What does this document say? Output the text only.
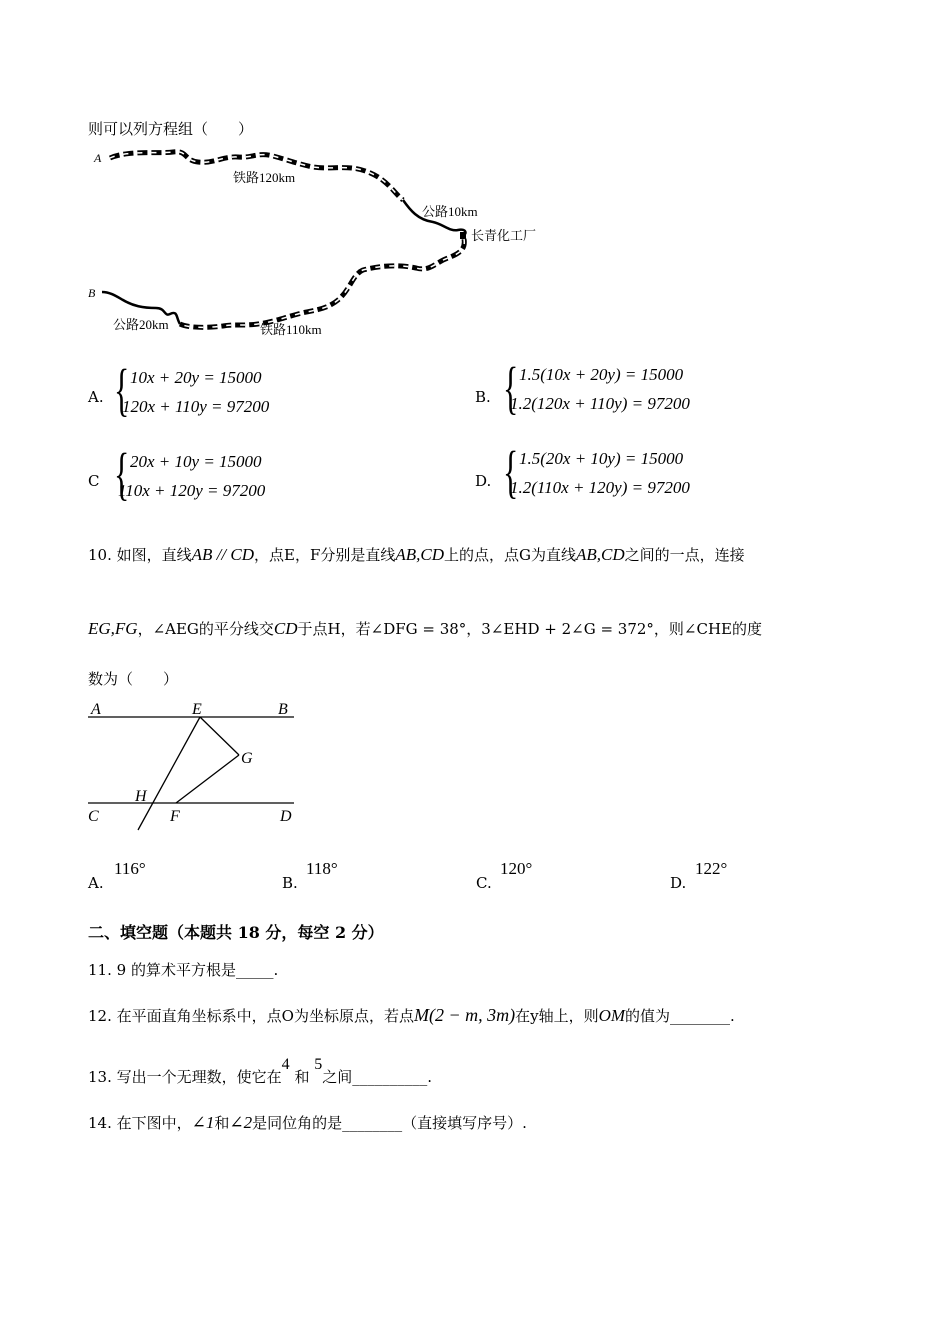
则可以列方程组（　　）
A
B
铁路120km
公路10km
长青化工厂
公路20km	铁路110km
A. { 10x + 20y = 15000
120x + 110y = 97200	B. { 1.5(10x + 20y) = 15000
1.2(120x + 110y) = 97200
C { 20x + 10y = 15000
110x + 120y = 97200	D. { 1.5(20x + 10y) = 15000
1.2(110x + 120y) = 97200
10. 如图，直线AB // CD，点E，F分别是直线AB,CD上的点，点G为直线AB,CD之间的一点，连接
EG,FG，∠AEG的平分线交CD于点H，若∠DFG = 38°，3∠EHD + 2∠G = 372°，则∠CHE的度
数为（　　）
A	E	B
G
H
C	F	D
A.
116°
B.
118°
C.
120°
D.
122°
二、填空题（本题共 18 分，每空 2 分）
11. 9 的算术平方根是_____.
12. 在平面直角坐标系中，点O为坐标原点，若点M(2 − m, 3m)在y轴上，则OM的值为________.
13. 写出一个无理数，使它在4 和 5之间__________.
14. 在下图中，∠1和∠2是同位角的是________（直接填写序号）.
